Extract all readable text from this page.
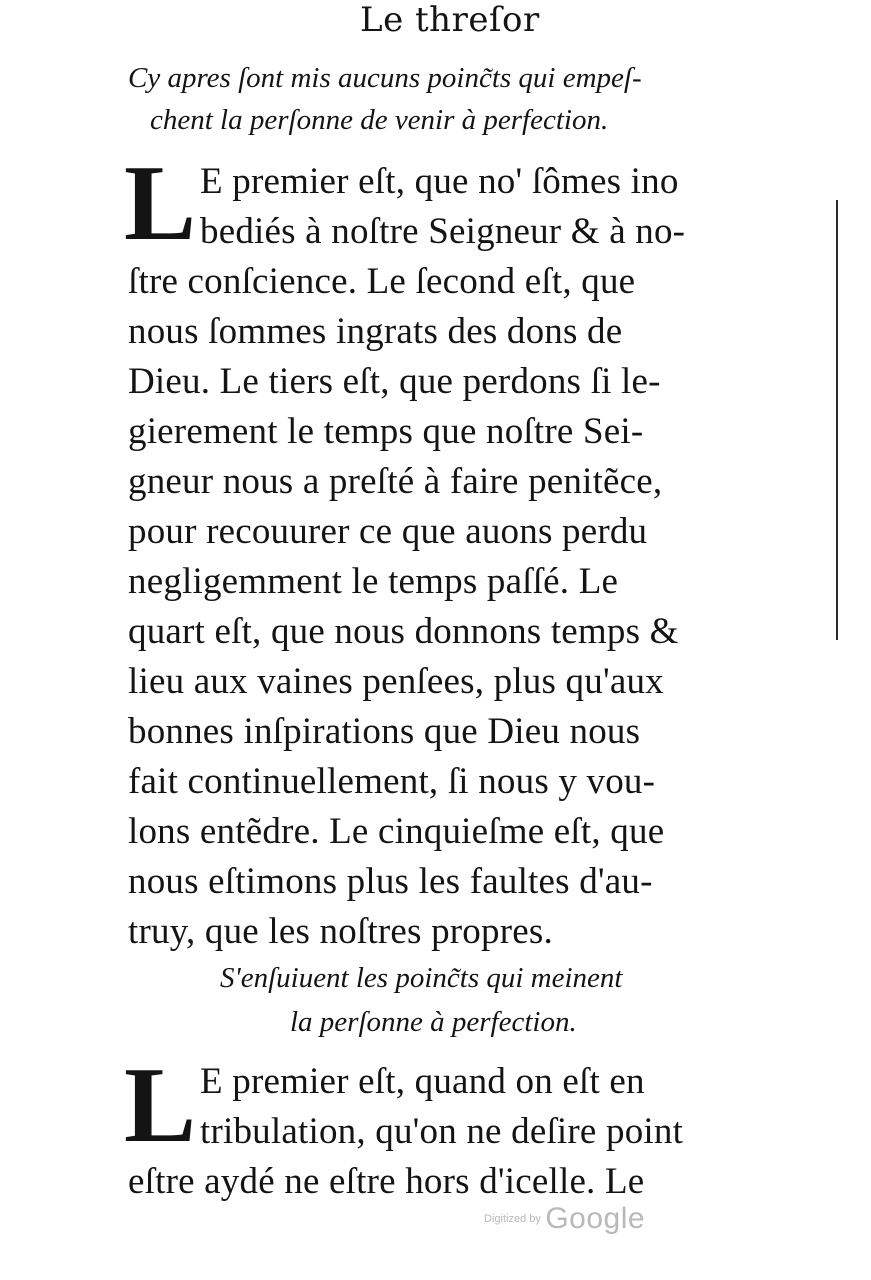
Le threſor
Cy apres ſont mis aucuns poinc̃ts qui empeſ-
chent la perſonne de venir à perfection.
L E premier eſt, que no' ſômes ino
bediés à noſtre Seigneur & à no-
ſtre conſcience. Le ſecond eſt, que
nous ſommes ingrats des dons de
Dieu. Le tiers eſt, que perdons ſi le-
gierement le temps que noſtre Sei-
gneur nous a preſté à faire penitẽce,
pour recouurer ce que auons perdu
negligemment le temps paſſé. Le
quart eſt, que nous donnons temps &
lieu aux vaines penſees, plus qu'aux
bonnes inſpirations que Dieu nous
fait continuellement, ſi nous y vou-
lons entẽdre. Le cinquieſme eſt, que
nous eſtimons plus les faultes d'au-
truy, que les noſtres propres.
S'enſuiuent les poinc̃ts qui meinent
la perſonne à perfection.
L E premier eſt, quand on eſt en
tribulation, qu'on ne deſire point
eſtre aydé ne eſtre hors d'icelle. Le
Digitized by Google
